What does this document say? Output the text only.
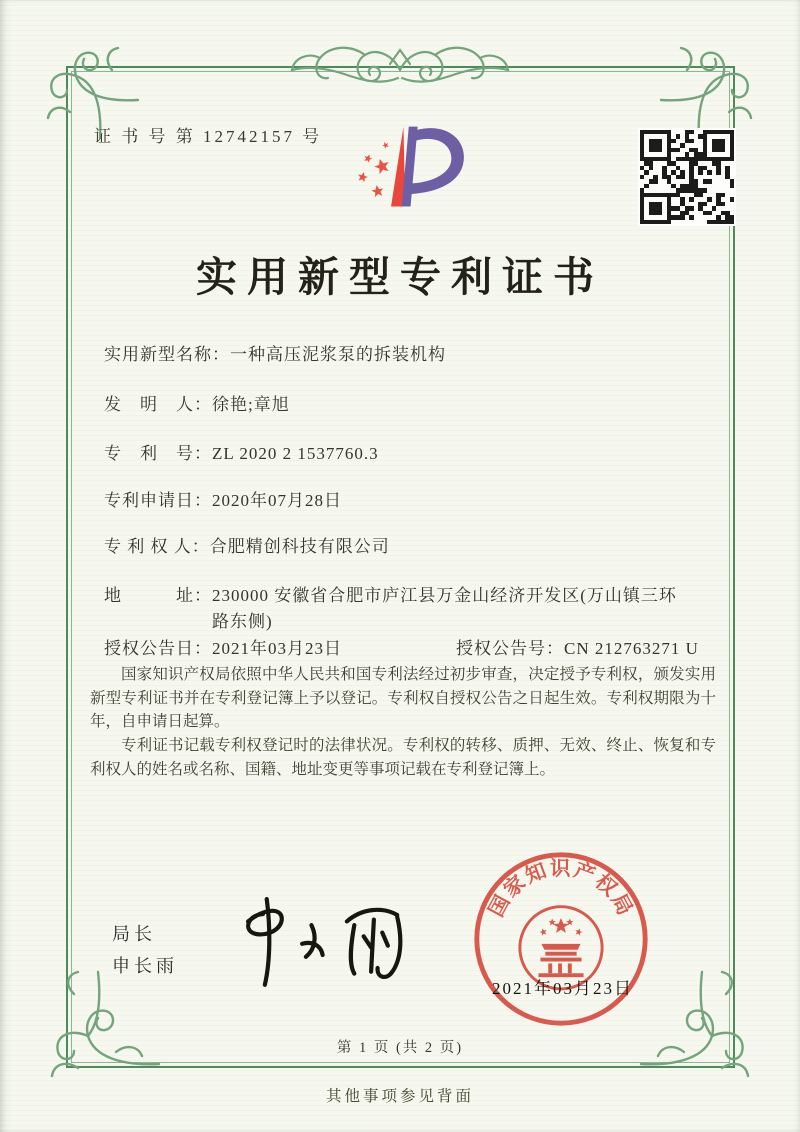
证 书 号 第 12742157 号
实用新型专利证书
实用新型名称： 一种高压泥浆泵的拆装机构
发　明　人： 徐艳;章旭
专　利　号： ZL 2020 2 1537760.3
专利申请日： 2020年07月28日
专 利 权 人： 合肥精创科技有限公司
地　　　址： 230000 安徽省合肥市庐江县万金山经济开发区(万山镇三环路东侧)
授权公告日：2021年03月23日	授权公告号：CN 212763271 U
国家知识产权局依照中华人民共和国专利法经过初步审查，决定授予专利权，颁发实用新型专利证书并在专利登记簿上予以登记。专利权自授权公告之日起生效。专利权期限为十年，自申请日起算。
专利证书记载专利权登记时的法律状况。专利权的转移、质押、无效、终止、恢复和专利权人的姓名或名称、国籍、地址变更等事项记载在专利登记簿上。
局长
申长雨
国家知识产权局
2021年03月23日
第 1 页 (共 2 页)
其他事项参见背面
